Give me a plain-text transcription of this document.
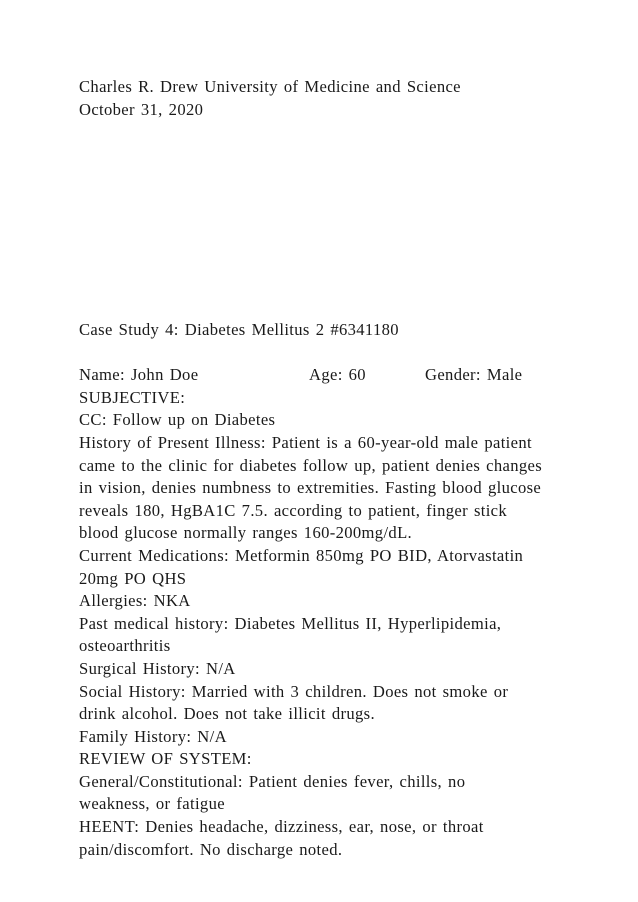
Charles R. Drew University of Medicine and Science
October 31, 2020
Case Study 4: Diabetes Mellitus 2 #6341180
Name: John Doe	Age: 60	Gender: Male
SUBJECTIVE:
CC: Follow up on Diabetes
History of Present Illness: Patient is a 60-year-old male patient
came to the clinic for diabetes follow up, patient denies changes
in vision, denies numbness to extremities. Fasting blood glucose
reveals 180, HgBA1C 7.5. according to patient, finger stick
blood glucose normally ranges 160-200mg/dL.
Current Medications: Metformin 850mg PO BID, Atorvastatin
20mg PO QHS
Allergies: NKA
Past medical history: Diabetes Mellitus II, Hyperlipidemia,
osteoarthritis
Surgical History: N/A
Social History: Married with 3 children. Does not smoke or
drink alcohol. Does not take illicit drugs.
Family History: N/A
REVIEW OF SYSTEM:
General/Constitutional: Patient denies fever, chills, no
weakness, or fatigue
HEENT: Denies headache, dizziness, ear, nose, or throat
pain/discomfort. No discharge noted.
